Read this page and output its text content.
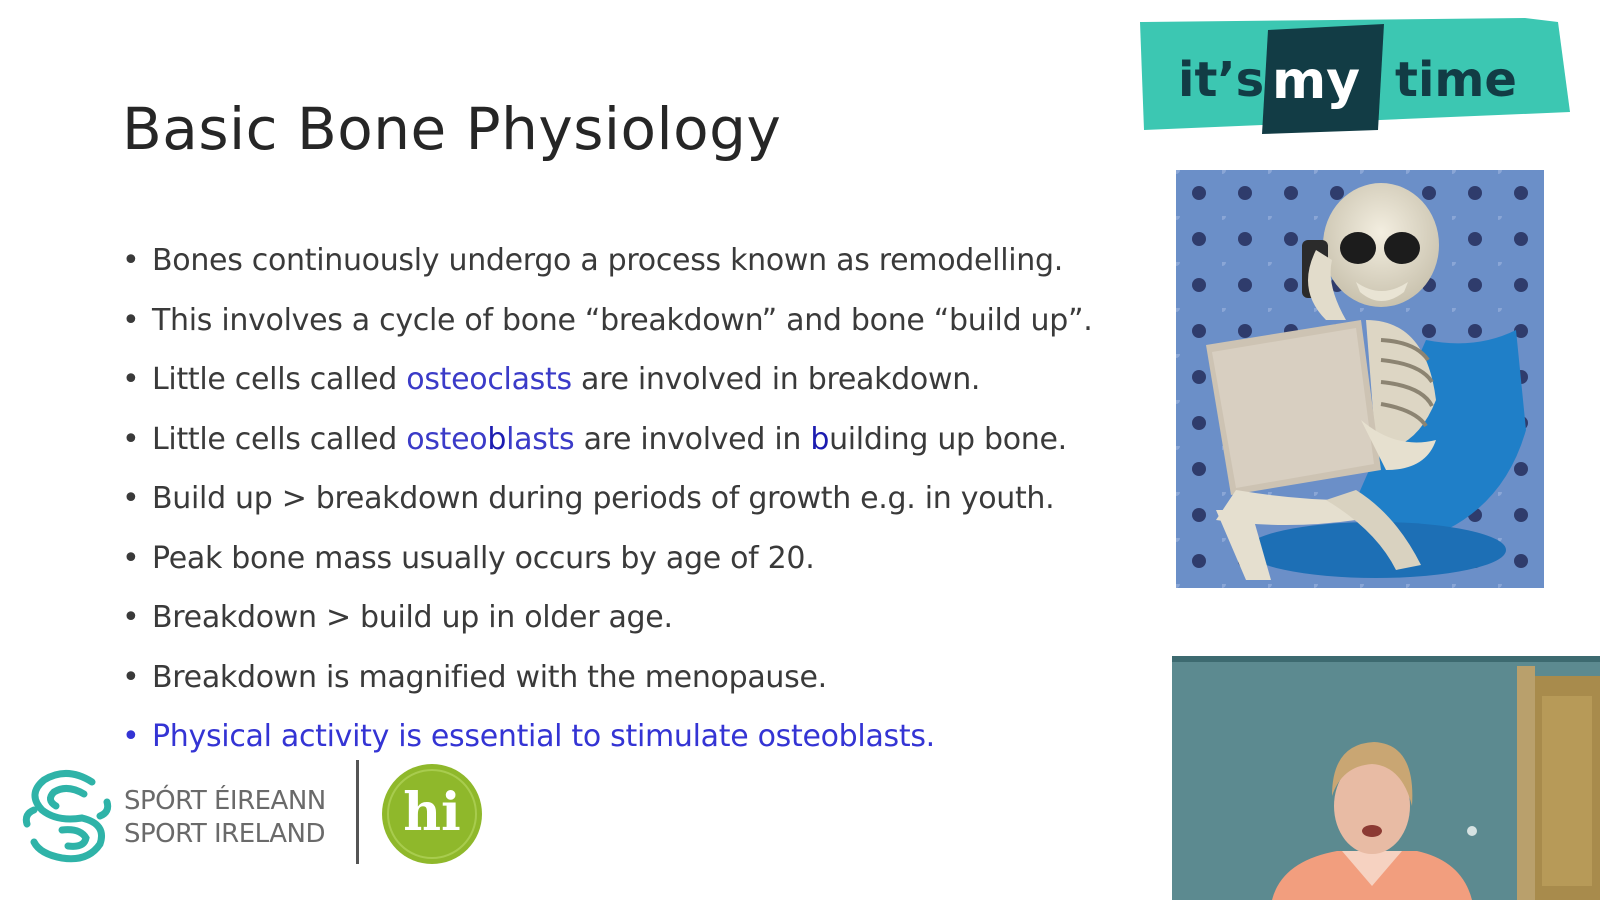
Basic Bone Physiology
• Bones continuously undergo a process known as remodelling.
• This involves a cycle of bone “breakdown” and bone “build up”.
• Little cells called osteoclasts are involved in breakdown.
• Little cells called osteoblasts are involved in building up bone.
• Build up > breakdown during periods of growth e.g. in youth.
• Peak bone mass usually occurs by age of 20.
• Breakdown > build up in older age.
• Breakdown is magnified with the menopause.
• Physical activity is essential to stimulate osteoblasts.
it’s my time
SPÓRT ÉIREANN
SPORT IRELAND hi
